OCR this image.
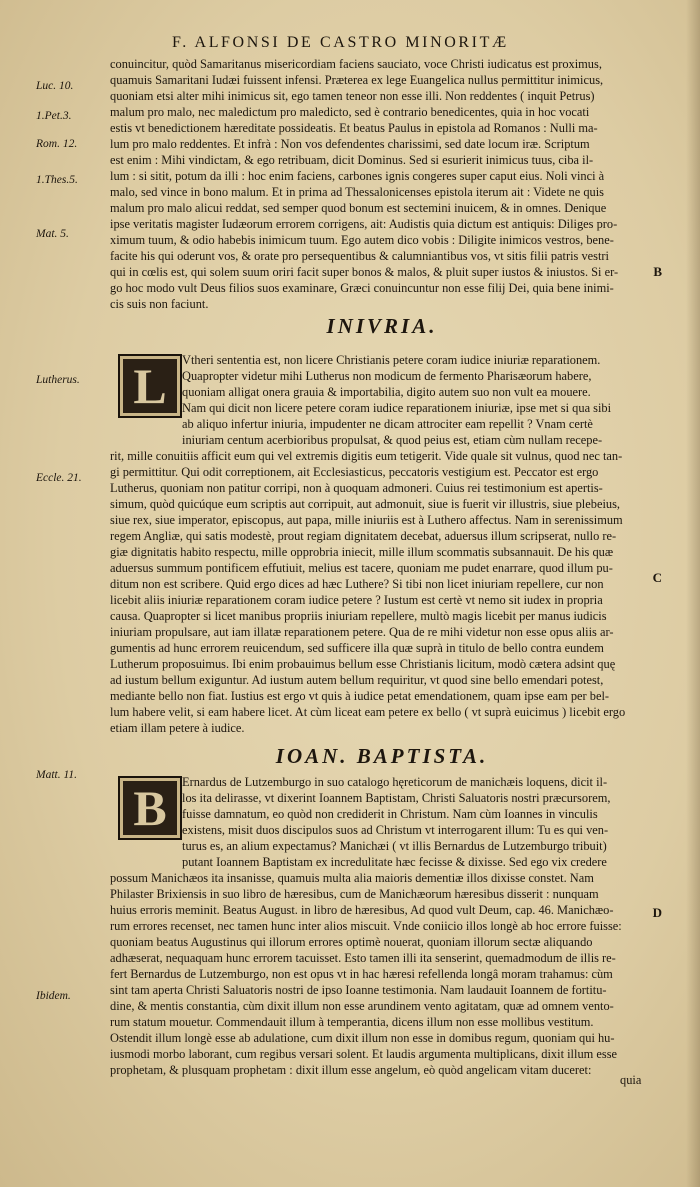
F. ALFONSI DE CASTRO MINORITÆ
Luc. 10.
1.Pet.3.
Rom. 12.
1.Thes.5.
Mat. 5.
Lutherus.
Eccle. 21.
Matt. 11.
Ibidem.
B
C
D
conuincitur, quòd Samaritanus misericordiam faciens sauciato, voce Christi iudicatus est proximus,
quamuis Samaritani Iudæi fuissent infensi. Præterea ex lege Euangelica nullus permittitur inimicus,
quoniam etsi alter mihi inimicus sit, ego tamen teneor non esse illi. Non reddentes ( inquit Petrus)
malum pro malo, nec maledictum pro maledicto, sed è contrario benedicentes, quia in hoc vocati
estis vt benedictionem hæreditate possideatis. Et beatus Paulus in epistola ad Romanos : Nulli ma-
lum pro malo reddentes. Et infrà : Non vos defendentes charissimi, sed date locum iræ. Scriptum
est enim : Mihi vindictam, & ego retribuam, dicit Dominus. Sed si esurierit inimicus tuus, ciba il-
lum : si sitit, potum da illi : hoc enim faciens, carbones ignis congeres super caput eius. Noli vinci à
malo, sed vince in bono malum. Et in prima ad Thessalonicenses epistola iterum ait : Videte ne quis
malum pro malo alicui reddat, sed semper quod bonum est sectemini inuicem, & in omnes. Denique
ipse veritatis magister Iudæorum errorem corrigens, ait: Audistis quia dictum est antiquis: Diliges pro-
ximum tuum, & odio habebis inimicum tuum. Ego autem dico vobis : Diligite inimicos vestros, bene-
facite his qui oderunt vos, & orate pro persequentibus & calumniantibus vos, vt sitis filii patris vestri
qui in cœlis est, qui solem suum oriri facit super bonos & malos, & pluit super iustos & iniustos. Si er-
go hoc modo vult Deus filios suos examinare, Græci conuincuntur non esse filij Dei, quia bene inimi-
cis suis non faciunt.
INIVRIA.
L Vtheri sententia est, non licere Christianis petere coram iudice iniuriæ reparationem.
Quapropter videtur mihi Lutherus non modicum de fermento Pharisæorum habere,
quoniam alligat onera grauia & importabilia, digito autem suo non vult ea mouere.
Nam qui dicit non licere petere coram iudice reparationem iniuriæ, ipse met si qua sibi
ab aliquo infertur iniuria, impudenter ne dicam attrociter eam repellit ? Vnam certè
iniuriam centum acerbioribus propulsat, & quod peius est, etiam cùm nullam recepe-
rit, mille conuitiis afficit eum qui vel extremis digitis eum tetigerit. Vide quale sit vulnus, quod nec tan-
gi permittitur. Qui odit correptionem, ait Ecclesiasticus, peccatoris vestigium est. Peccator est ergo
Lutherus, quoniam non patitur corripi, non à quoquam admoneri. Cuius rei testimonium est apertis-
simum, quòd quicúque eum scriptis aut corripuit, aut admonuit, siue is fuerit vir illustris, siue plebeius,
siue rex, siue imperator, episcopus, aut papa, mille iniuriis est à Luthero affectus. Nam in serenissimum
regem Angliæ, qui satis modestè, prout regiam dignitatem decebat, aduersus illum scripserat, nullo re-
giæ dignitatis habito respectu, mille opprobria iniecit, mille illum scommatis subsannauit. De his quæ
aduersus summum pontificem effutiuit, melius est tacere, quoniam me pudet enarrare, quod illum pu-
ditum non est scribere. Quid ergo dices ad hæc Luthere? Si tibi non licet iniuriam repellere, cur non
licebit aliis iniuriæ reparationem coram iudice petere ? Iustum est certè vt nemo sit iudex in propria
causa. Quapropter si licet manibus propriis iniuriam repellere, multò magis licebit per manus iudicis
iniuriam propulsare, aut iam illatæ reparationem petere. Qua de re mihi videtur non esse opus aliis ar-
gumentis ad hunc errorem reuicendum, sed sufficere illa quæ suprà in titulo de bello contra eundem
Lutherum proposuimus. Ibi enim probauimus bellum esse Christianis licitum, modò cætera adsint quę
ad iustum bellum exiguntur. Ad iustum autem bellum requiritur, vt quod sine bello emendari potest,
mediante bello non fiat. Iustius est ergo vt quis à iudice petat emendationem, quam ipse eam per bel-
lum habere velit, si eam habere licet. At cùm liceat eam petere ex bello ( vt suprà euicimus ) licebit ergo
etiam illam petere à iudice.
IOAN. BAPTISTA.
B Ernardus de Lutzemburgo in suo catalogo hęreticorum de manichæis loquens, dicit il-
los ita delirasse, vt dixerint Ioannem Baptistam, Christi Saluatoris nostri præcursorem,
fuisse damnatum, eo quòd non crediderit in Christum. Nam cùm Ioannes in vinculis
existens, misit duos discipulos suos ad Christum vt interrogarent illum: Tu es qui ven-
turus es, an alium expectamus? Manichæi ( vt illis Bernardus de Lutzemburgo tribuit)
putant Ioannem Baptistam ex incredulitate hæc fecisse & dixisse. Sed ego vix credere
possum Manichæos ita insanisse, quamuis multa alia maioris dementiæ illos dixisse constet. Nam
Philaster Brixiensis in suo libro de hæresibus, cum de Manichæorum hæresibus disserit : nunquam
huius erroris meminit. Beatus August. in libro de hæresibus, Ad quod vult Deum, cap. 46. Manichæo-
rum errores recenset, nec tamen hunc inter alios miscuit. Vnde coniicio illos longè ab hoc errore fuisse:
quoniam beatus Augustinus qui illorum errores optimè nouerat, quoniam illorum sectæ aliquando
adhæserat, nequaquam hunc errorem tacuisset. Esto tamen illi ita senserint, quemadmodum de illis re-
fert Bernardus de Lutzemburgo, non est opus vt in hac hæresi refellenda longâ moram trahamus: cùm
sint tam aperta Christi Saluatoris nostri de ipso Ioanne testimonia. Nam laudauit Ioannem de fortitu-
dine, & mentis constantia, cùm dixit illum non esse arundinem vento agitatam, quæ ad omnem vento-
rum statum mouetur. Commendauit illum à temperantia, dicens illum non esse mollibus vestitum.
Ostendit illum longè esse ab adulatione, cum dixit illum non esse in domibus regum, quoniam qui hu-
iusmodi morbo laborant, cum regibus versari solent. Et laudis argumenta multiplicans, dixit illum esse
prophetam, & plusquam prophetam : dixit illum esse angelum, eò quòd angelicam vitam duceret:
quia
